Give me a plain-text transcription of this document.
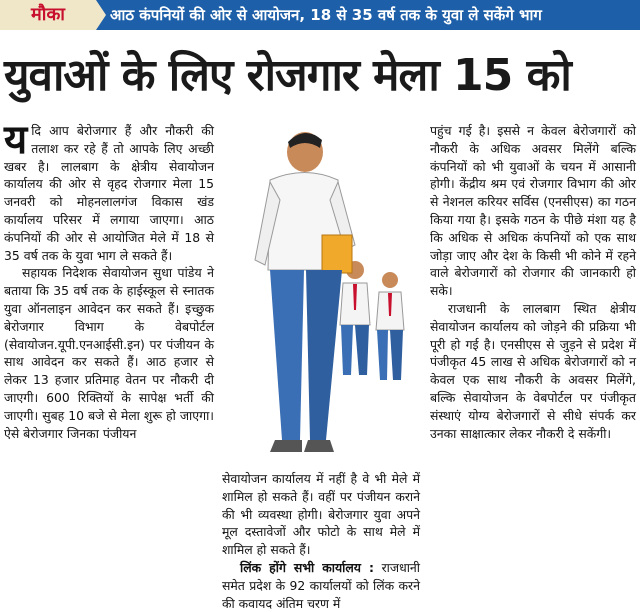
मौका	आठ कंपनियों की ओर से आयोजन, 18 से 35 वर्ष तक के युवा ले सकेंगे भाग
युवाओं के लिए रोजगार मेला 15 को

यदि आप बेरोजगार हैं और नौकरी की तलाश कर रहे हैं तो आपके लिए अच्छी खबर है। लालबाग के क्षेत्रीय सेवायोजन कार्यालय की ओर से वृहद रोजगार मेला 15 जनवरी को मोहनलालगंज विकास खंड कार्यालय परिसर में लगाया जाएगा। आठ कंपनियों की ओर से आयोजित मेले में 18 से 35 वर्ष तक के युवा भाग ले सकते हैं।

सहायक निदेशक सेवायोजन सुधा पांडेय ने बताया कि 35 वर्ष तक के हाईस्कूल से स्नातक युवा ऑनलाइन आवेदन कर सकते हैं। इच्छुक बेरोजगार विभाग के वेबपोर्टल (सेवायोजन.यूपी.एनआईसी.इन) पर पंजीयन के साथ आवेदन कर सकते हैं। आठ हजार से लेकर 13 हजार प्रतिमाह वेतन पर नौकरी दी जाएगी। 600 रिक्तियों के सापेक्ष भर्ती की जाएगी। सुबह 10 बजे से मेला शुरू हो जाएगा। ऐसे बेरोजगार जिनका पंजीयन

सेवायोजन कार्यालय में नहीं है वे भी मेले में शामिल हो सकते हैं। वहीं पर पंजीयन कराने की भी व्यवस्था होगी। बेरोजगार युवा अपने मूल दस्तावेजों और फोटो के साथ मेले में शामिल हो सकते हैं।

लिंक होंगे सभी कार्यालय : राजधानी समेत प्रदेश के 92 कार्यालयों को लिंक करने की कवायद अंतिम चरण में

पहुंच गई है। इससे न केवल बेरोजगारों को नौकरी के अधिक अवसर मिलेंगे बल्कि कंपनियों को भी युवाओं के चयन में आसानी होगी। केंद्रीय श्रम एवं रोजगार विभाग की ओर से नेशनल करियर सर्विस (एनसीएस) का गठन किया गया है। इसके गठन के पीछे मंशा यह है कि अधिक से अधिक कंपनियों को एक साथ जोड़ा जाए और देश के किसी भी कोने में रहने वाले बेरोजगारों को रोजगार की जानकारी हो सके।

राजधानी के लालबाग स्थित क्षेत्रीय सेवायोजन कार्यालय को जोड़ने की प्रक्रिया भी पूरी हो गई है। एनसीएस से जुड़ने से प्रदेश में पंजीकृत 45 लाख से अधिक बेरोजगारों को न केवल एक साथ नौकरी के अवसर मिलेंगे, बल्कि सेवायोजन के वेबपोर्टल पर पंजीकृत संस्थाएं योग्य बेरोजगारों से सीधे संपर्क कर उनका साक्षात्कार लेकर नौकरी दे सकेंगी।
